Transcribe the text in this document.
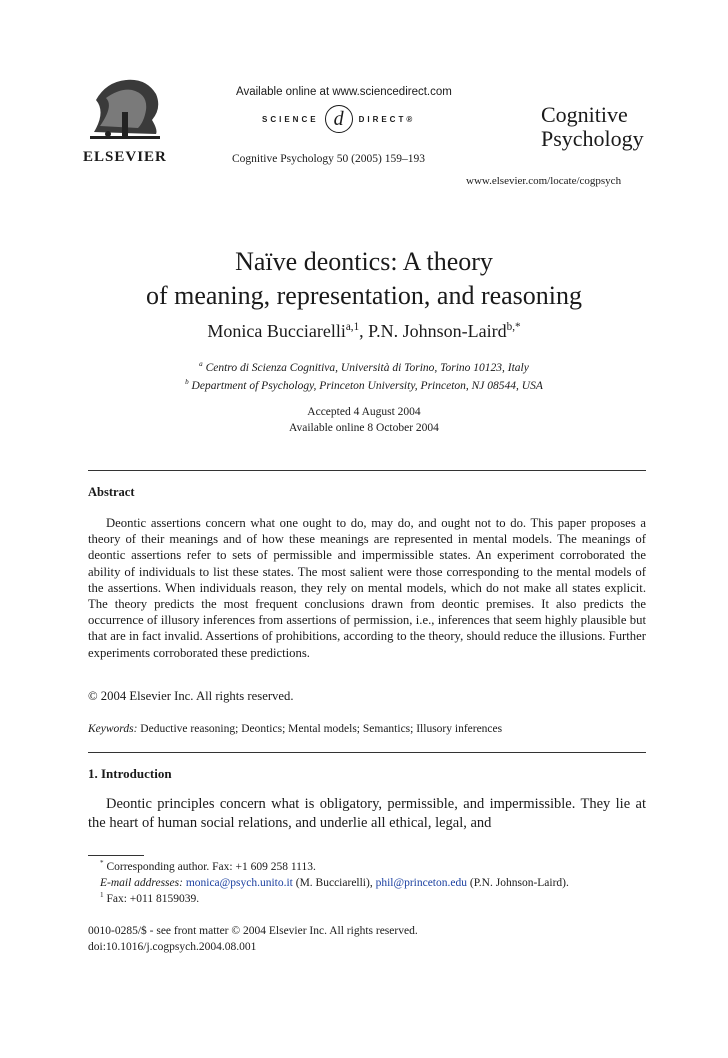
ELSEVIER
Available online at www.sciencedirect.com
SCIENCE d	DIRECT®
Cognitive Psychology 50 (2005) 159–193
Cognitive
Psychology
www.elsevier.com/locate/cogpsych
Naïve deontics: A theory
of meaning, representation, and reasoning
Monica Bucciarelli$^{a,1}$, P.N. Johnson-Laird$^{b,*}$
$^a$ Centro di Scienza Cognitiva, Università di Torino, Torino 10123, Italy
$^b$ Department of Psychology, Princeton University, Princeton, NJ 08544, USA
Accepted 4 August 2004
Available online 8 October 2004
Abstract

Deontic assertions concern what one ought to do, may do, and ought not to do. This paper proposes a theory of their meanings and of how these meanings are represented in mental models. The meanings of deontic assertions refer to sets of permissible and impermissible states. An experiment corroborated the ability of individuals to list these states. The most salient were those corresponding to the mental models of the assertions. When individuals reason, they rely on mental models, which do not make all states explicit. The theory predicts the most frequent conclusions drawn from deontic premises. It also predicts the occurrence of illusory inferences from assertions of permission, i.e., inferences that seem highly plausible but that are in fact invalid. Assertions of prohibitions, according to the theory, should reduce the illusions. Further experiments corroborated these predictions.

© 2004 Elsevier Inc. All rights reserved.
Keywords: Deductive reasoning; Deontics; Mental models; Semantics; Illusory inferences
1. Introduction

Deontic principles concern what is obligatory, permissible, and impermissible. They lie at the heart of human social relations, and underlie all ethical, legal, and

* Corresponding author. Fax: +1 609 258 1113.
E-mail addresses: monica@psych.unito.it (M. Bucciarelli), phil@princeton.edu (P.N. Johnson-Laird).
$^1$ Fax: +011 8159039.
0010-0285/$ - see front matter © 2004 Elsevier Inc. All rights reserved.
doi:10.1016/j.cogpsych.2004.08.001
